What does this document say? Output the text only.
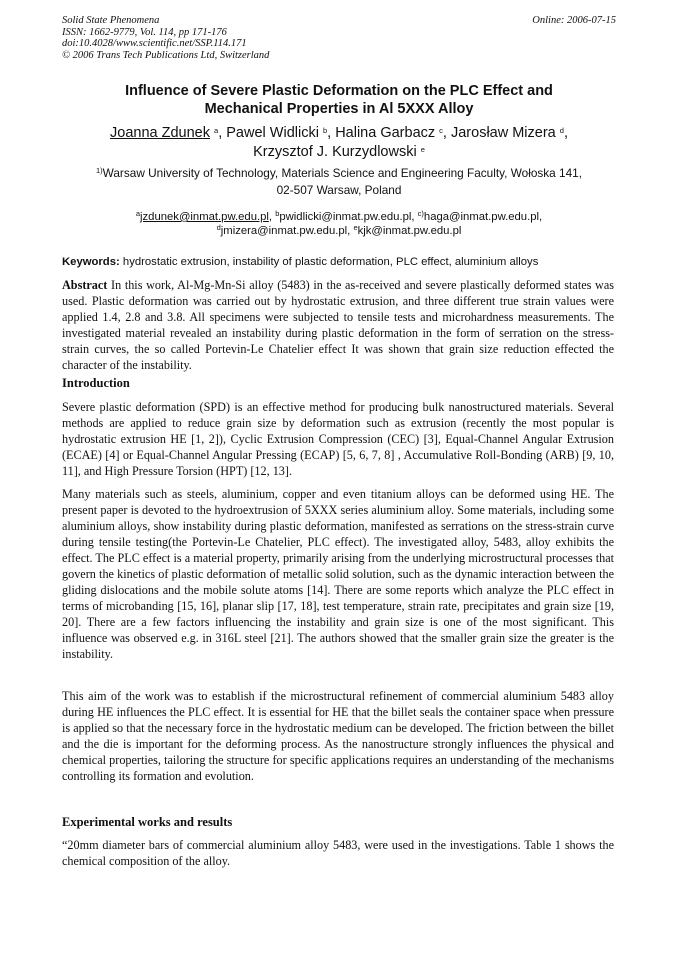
Solid State Phenomena
ISSN: 1662-9779, Vol. 114, pp 171-176
doi:10.4028/www.scientific.net/SSP.114.171
© 2006 Trans Tech Publications Ltd, Switzerland
Online: 2006-07-15
Influence of Severe Plastic Deformation on the PLC Effect and
Mechanical Properties in Al 5XXX Alloy
Joanna Zdunek $^a$, Pawel Widlicki $^b$, Halina Garbacz $^c$, Jarosław Mizera $^d$,
Krzysztof J. Kurzydlowski $^e$
$^{1)}$Warsaw University of Technology, Materials Science and Engineering Faculty, Wołoska 141,
02-507 Warsaw, Poland
$^a$jzdunek@inmat.pw.edu.pl, $^b$pwidlicki@inmat.pw.edu.pl, $^{c)}$haga@inmat.pw.edu.pl,
$^d$jmizera@inmat.pw.edu.pl, $^e$kjk@inmat.pw.edu.pl
Keywords: hydrostatic extrusion, instability of plastic deformation, PLC effect, aluminium alloys

Abstract In this work, Al-Mg-Mn-Si alloy (5483) in the as-received and severe plastically deformed states was used. Plastic deformation was carried out by hydrostatic extrusion, and three different true strain values were applied 1.4, 2.8 and 3.8. All specimens were subjected to tensile tests and microhardness measurements. The investigated material revealed an instability during plastic deformation in the form of serration on the stress-strain curves, the so called Portevin-Le Chatelier effect It was shown that grain size reduction effected the character of the instability.

Introduction

Severe plastic deformation (SPD) is an effective method for producing bulk nanostructured materials. Several methods are applied to reduce grain size by deformation such as extrusion (recently the most popular is hydrostatic extrusion HE [1, 2]), Cyclic Extrusion Compression (CEC) [3], Equal-Channel Angular Extrusion (ECAE) [4] or Equal-Channel Angular Pressing (ECAP) [5, 6, 7, 8] , Accumulative Roll-Bonding (ARB) [9, 10, 11], and High Pressure Torsion (HPT) [12, 13].

Many materials such as steels, aluminium, copper and even titanium alloys can be deformed using HE. The present paper is devoted to the hydroextrusion of 5XXX series aluminium alloy. Some materials, including some aluminium alloys, show instability during plastic deformation, manifested as serrations on the stress-strain curve during tensile testing(the Portevin-Le Chatelier, PLC effect). The investigated alloy, 5483, alloy exhibits the effect. The PLC effect is a material property, primarily arising from the underlying microstructural processes that govern the kinetics of plastic deformation of metallic solid solution, such as the dynamic interaction between the gliding dislocations and the mobile solute atoms [14]. There are some reports which analyze the PLC effect in terms of microbanding [15, 16], planar slip [17, 18], test temperature, strain rate, precipitates and grain size [19, 20]. There are a few factors influencing the instability and grain size is one of the most significant. This influence was observed e.g. in 316L steel [21]. The authors showed that the smaller grain size the greater is the instability.

This aim of the work was to establish if the microstructural refinement of commercial aluminium 5483 alloy during HE influences the PLC effect. It is essential for HE that the billet seals the container space when pressure is applied so that the necessary force in the hydrostatic medium can be developed. The friction between the billet and the die is important for the deforming process. As the nanostructure strongly influences the physical and chemical properties, tailoring the structure for specific applications requires an understanding of the mechanisms controlling its formation and evolution.

Experimental works and results

“20mm diameter bars of commercial aluminium alloy 5483, were used in the investigations. Table 1 shows the chemical composition of the alloy.
